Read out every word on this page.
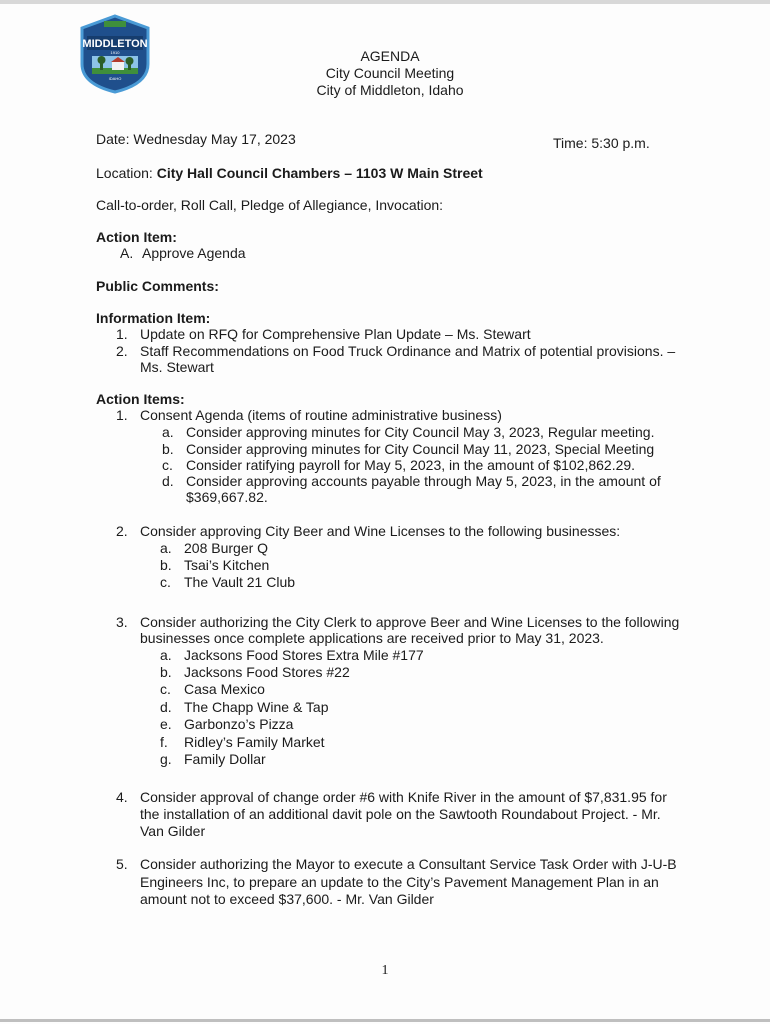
MIDDLETON
1910
IDAHO
AGENDA
City Council Meeting
City of Middleton, Idaho
Date: Wednesday May 17, 2023	Time: 5:30 p.m.
Location: City Hall Council Chambers – 1103 W Main Street
Call-to-order, Roll Call, Pledge of Allegiance, Invocation:
Action Item:
A. Approve Agenda
Public Comments:
Information Item:
1. Update on RFQ for Comprehensive Plan Update – Ms. Stewart
2. Staff Recommendations on Food Truck Ordinance and Matrix of potential provisions. –
Ms. Stewart
Action Items:
1. Consent Agenda (items of routine administrative business)
a. Consider approving minutes for City Council May 3, 2023, Regular meeting.
b. Consider approving minutes for City Council May 11, 2023, Special Meeting
c. Consider ratifying payroll for May 5, 2023, in the amount of $102,862.29.
d. Consider approving accounts payable through May 5, 2023, in the amount of
$369,667.82.
2. Consider approving City Beer and Wine Licenses to the following businesses:
a. 208 Burger Q
b. Tsai’s Kitchen
c. The Vault 21 Club
3. Consider authorizing the City Clerk to approve Beer and Wine Licenses to the following
businesses once complete applications are received prior to May 31, 2023.
a. Jacksons Food Stores Extra Mile #177
b. Jacksons Food Stores #22
c. Casa Mexico
d. The Chapp Wine & Tap
e. Garbonzo’s Pizza
f. Ridley’s Family Market
g. Family Dollar
4. Consider approval of change order #6 with Knife River in the amount of $7,831.95 for
the installation of an additional davit pole on the Sawtooth Roundabout Project. - Mr.
Van Gilder
5. Consider authorizing the Mayor to execute a Consultant Service Task Order with J-U-B
Engineers Inc, to prepare an update to the City’s Pavement Management Plan in an
amount not to exceed $37,600. - Mr. Van Gilder
1
